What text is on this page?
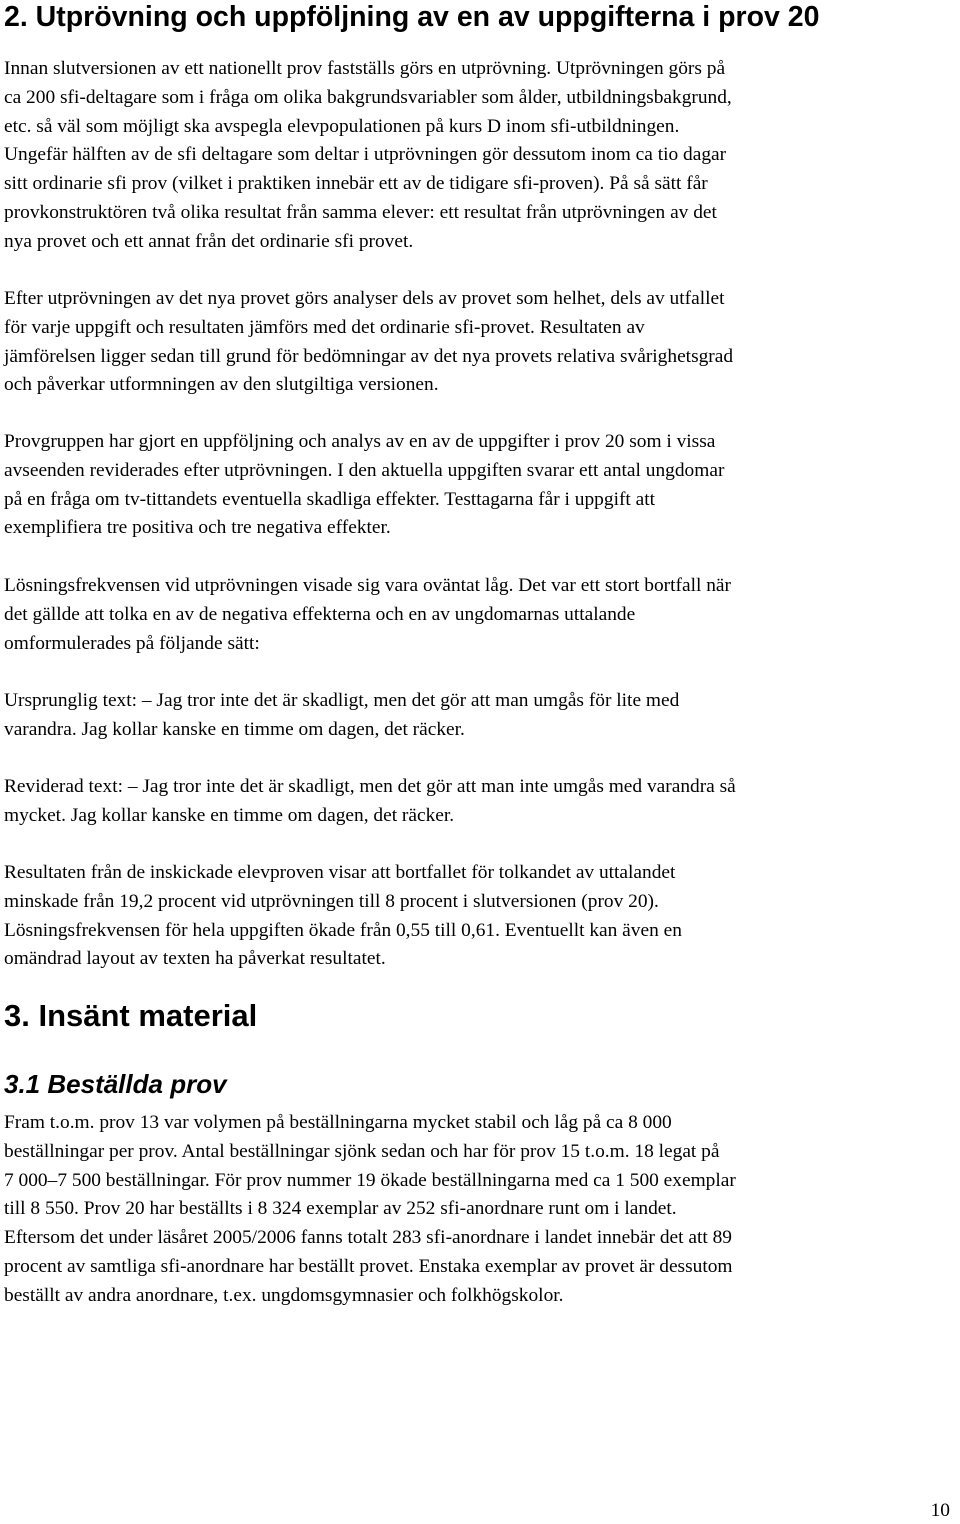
2. Utprövning och uppföljning av en av uppgifterna i prov 20
Innan slutversionen av ett nationellt prov fastställs görs en utprövning. Utprövningen görs på
ca 200 sfi-deltagare som i fråga om olika bakgrundsvariabler som ålder, utbildningsbakgrund,
etc. så väl som möjligt ska avspegla elevpopulationen på kurs D inom sfi-utbildningen.
Ungefär hälften av de sfi deltagare som deltar i utprövningen gör dessutom inom ca tio dagar
sitt ordinarie sfi prov (vilket i praktiken innebär ett av de tidigare sfi-proven). På så sätt får
provkonstruktören två olika resultat från samma elever: ett resultat från utprövningen av det
nya provet och ett annat från det ordinarie sfi provet.
Efter utprövningen av det nya provet görs analyser dels av provet som helhet, dels av utfallet
för varje uppgift och resultaten jämförs med det ordinarie sfi-provet. Resultaten av
jämförelsen ligger sedan till grund för bedömningar av det nya provets relativa svårighetsgrad
och påverkar utformningen av den slutgiltiga versionen.
Provgruppen har gjort en uppföljning och analys av en av de uppgifter i prov 20 som i vissa
avseenden reviderades efter utprövningen. I den aktuella uppgiften svarar ett antal ungdomar
på en fråga om tv-tittandets eventuella skadliga effekter. Testtagarna får i uppgift att
exemplifiera tre positiva och tre negativa effekter.
Lösningsfrekvensen vid utprövningen visade sig vara oväntat låg. Det var ett stort bortfall när
det gällde att tolka en av de negativa effekterna och en av ungdomarnas uttalande
omformulerades på följande sätt:
Ursprunglig text: – Jag tror inte det är skadligt, men det gör att man umgås för lite med
varandra. Jag kollar kanske en timme om dagen, det räcker.
Reviderad text: – Jag tror inte det är skadligt, men det gör att man inte umgås med varandra så
mycket. Jag kollar kanske en timme om dagen, det räcker.
Resultaten från de inskickade elevproven visar att bortfallet för tolkandet av uttalandet
minskade från 19,2 procent vid utprövningen till 8 procent i slutversionen (prov 20).
Lösningsfrekvensen för hela uppgiften ökade från 0,55 till 0,61. Eventuellt kan även en
omändrad layout av texten ha påverkat resultatet.
3. Insänt material
3.1 Beställda prov
Fram t.o.m. prov 13 var volymen på beställningarna mycket stabil och låg på ca 8 000
beställningar per prov. Antal beställningar sjönk sedan och har för prov 15 t.o.m. 18 legat på
7 000–7 500 beställningar. För prov nummer 19 ökade beställningarna med ca 1 500 exemplar
till 8 550. Prov 20 har beställts i 8 324 exemplar av 252 sfi-anordnare runt om i landet.
Eftersom det under läsåret 2005/2006 fanns totalt 283 sfi-anordnare i landet innebär det att 89
procent av samtliga sfi-anordnare har beställt provet. Enstaka exemplar av provet är dessutom
beställt av andra anordnare, t.ex. ungdomsgymnasier och folkhögskolor.
10
